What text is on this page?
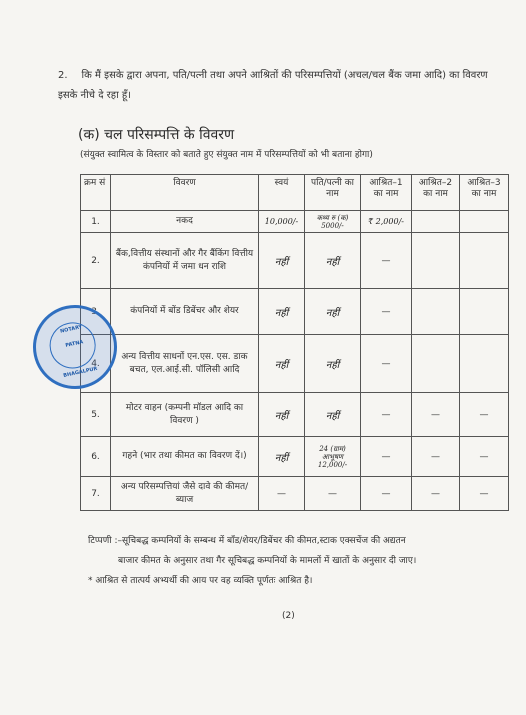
2. कि मैं इसके द्वारा अपना, पति/पत्नी तथा अपने आश्रितों की परिसम्पत्तियों (अचल/चल बैंक जमा आदि) का विवरण इसके नीचे दे रहा हूँ।
(क) चल परिसम्पत्ति के विवरण
(संयुक्त स्वामित्व के विस्तार को बताते हुए संयुक्त नाम में परिसम्पत्तियों को भी बताना होगा)
क्रम सं	विवरण	स्वयं	पति/पत्नी का नाम	आश्रित–1 का नाम	आश्रित–2 का नाम	आश्रित–3 का नाम
1.	नकद	10,000/-	कथ्य रु (क) 5000/-	₹ 2,000/-		
2.	बैंक,वित्तीय संस्थानों और गैर बैंकिंग वित्तीय कंपनियों में जमा धन राशि	नहीं	नहीं	—		
3.	कंपनियों में बोंड डिबेंचर और शेयर	नहीं	नहीं	—		
4.	अन्य वित्तीय साधनों एन.एस. एस. डाक बचत, एल.आई.सी. पॉलिसी आदि	नहीं	नहीं	—		
5.	मोटर वाहन (कम्पनी मॉडल आदि का विवरण )	नहीं	नहीं	—	—	—
6.	गहने (भार तथा कीमत का विवरण दें।)	नहीं	24 (ग्राम) आभूषण 12,000/-	—	—	—
7.	अन्य परिसम्पत्तियां जैसे दावे की कीमत/ब्याज	—	—	—	—	—
NOTARY
PATNA
BHAGALPUR
टिप्पणी :–सूचिबद्ध कम्पनियों के सम्बन्ध में बाँड/शेयर/डिबेंचर की कीमत,स्टाक एक्सचेंज की अद्यतन
बाजार कीमत के अनुसार तथा गैर सूचिबद्ध कम्पनियों के मामलों में खातों के अनुसार दी जाए।
* आश्रित से तात्पर्य अभ्यर्थी की आय पर वह व्यक्ति पूर्णतः आश्रित है।
(2)
